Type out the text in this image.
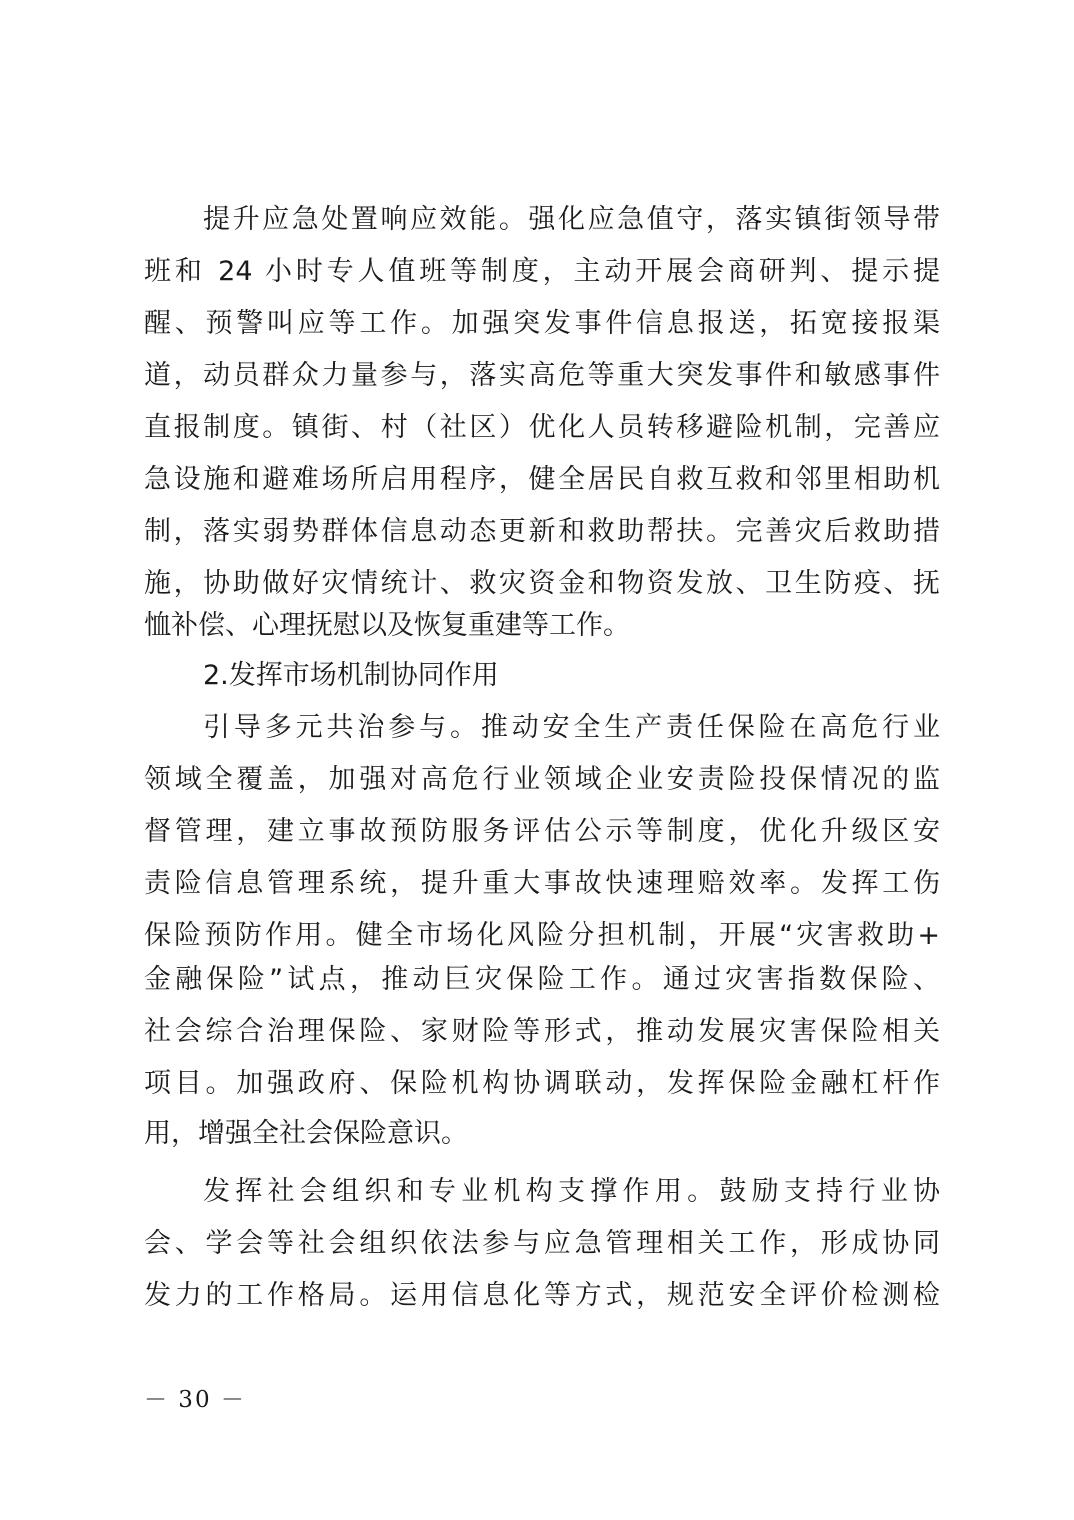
提升应急处置响应效能。强化应急值守，落实镇街领导带
班和 24 小时专人值班等制度，主动开展会商研判、提示提
醒、预警叫应等工作。加强突发事件信息报送，拓宽接报渠
道，动员群众力量参与，落实高危等重大突发事件和敏感事件
直报制度。镇街、村（社区）优化人员转移避险机制，完善应
急设施和避难场所启用程序，健全居民自救互救和邻里相助机
制，落实弱势群体信息动态更新和救助帮扶。完善灾后救助措
施，协助做好灾情统计、救灾资金和物资发放、卫生防疫、抚
恤补偿、心理抚慰以及恢复重建等工作。
2.发挥市场机制协同作用
引导多元共治参与。推动安全生产责任保险在高危行业
领域全覆盖，加强对高危行业领域企业安责险投保情况的监
督管理，建立事故预防服务评估公示等制度，优化升级区安
责险信息管理系统，提升重大事故快速理赔效率。发挥工伤
保险预防作用。健全市场化风险分担机制，开展“灾害救助+
金融保险”试点，推动巨灾保险工作。通过灾害指数保险、
社会综合治理保险、家财险等形式，推动发展灾害保险相关
项目。加强政府、保险机构协调联动，发挥保险金融杠杆作
用，增强全社会保险意识。
发挥社会组织和专业机构支撑作用。鼓励支持行业协
会、学会等社会组织依法参与应急管理相关工作，形成协同
发力的工作格局。运用信息化等方式，规范安全评价检测检
－ 30 －
